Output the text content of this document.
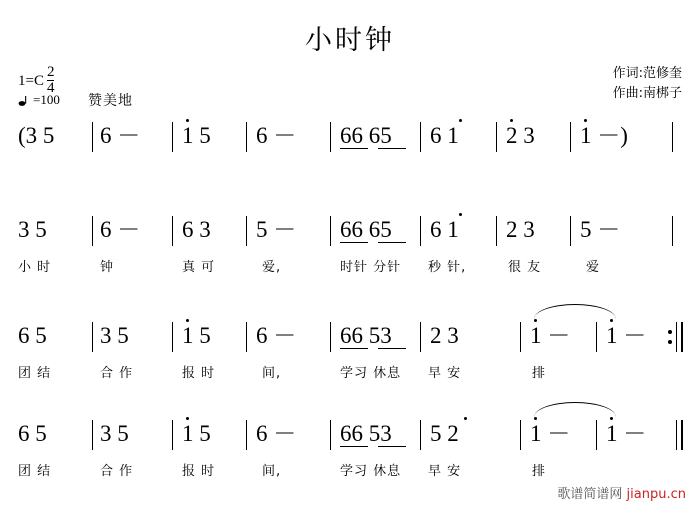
小时钟
$1=C \frac{2}{4}$
=100 赞美地
作词:范修奎
作曲:南梆子
(3 5 6 － 1 5 6 － 66 65 6 1 2 3 1 －)
3 5 6 － 6 3 5 － 66 65 6 1 2 3 5 －
小 时	钟	真 可	爱,	时针 分针 秒 针,	很 友	爱
6 5 3 5 1 5 6 － 66 53 2 3	1 － 1 －
团 结	合 作	报 时	间,	学习 休息 早 安	排
6 5 3 5 1 5 6 － 66 53 5 2	1 － 1 －
团 结	合 作	报 时	间,	学习 休息 早 安	排
歌谱简谱网 jianpu.cn
